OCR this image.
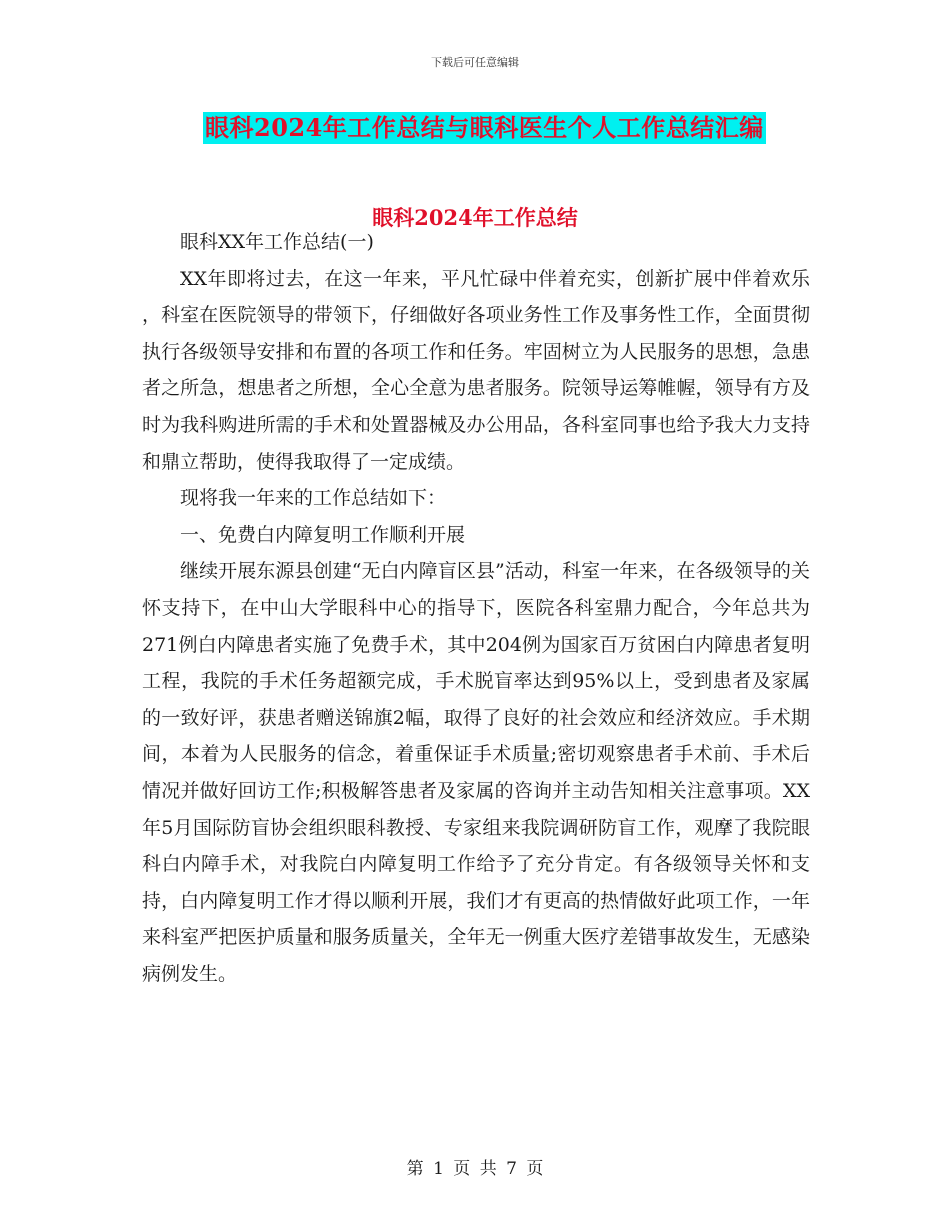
下载后可任意编辑
眼科2024年工作总结与眼科医生个人工作总结汇编
眼科2024年工作总结

眼科XX年工作总结(一)

XX年即将过去，在这一年来，平凡忙碌中伴着充实，创新扩展中伴着欢乐 ，科室在医院领导的带领下，仔细做好各项业务性工作及事务性工作，全面贯彻执行各级领导安排和布置的各项工作和任务。牢固树立为人民服务的思想，急患者之所急，想患者之所想，全心全意为患者服务。院领导运筹帷幄，领导有方及时为我科购进所需的手术和处置器械及办公用品，各科室同事也给予我大力支持和鼎立帮助，使得我取得了一定成绩。

现将我一年来的工作总结如下：

一、免费白内障复明工作顺利开展

继续开展东源县创建“无白内障盲区县”活动，科室一年来，在各级领导的关怀支持下，在中山大学眼科中心的指导下，医院各科室鼎力配合，今年总共为271例白内障患者实施了免费手术，其中204例为国家百万贫困白内障患者复明工程，我院的手术任务超额完成，手术脱盲率达到95%以上，受到患者及家属的一致好评，获患者赠送锦旗2幅，取得了良好的社会效应和经济效应。手术期间，本着为人民服务的信念，着重保证手术质量;密切观察患者手术前、手术后情况并做好回访工作;积极解答患者及家属的咨询并主动告知相关注意事项。XX年5月国际防盲协会组织眼科教授、专家组来我院调研防盲工作，观摩了我院眼科白内障手术，对我院白内障复明工作给予了充分肯定。有各级领导关怀和支持，白内障复明工作才得以顺利开展，我们才有更高的热情做好此项工作，一年来科室严把医护质量和服务质量关，全年无一例重大医疗差错事故发生，无感染病例发生。

第 1 页 共 7 页
